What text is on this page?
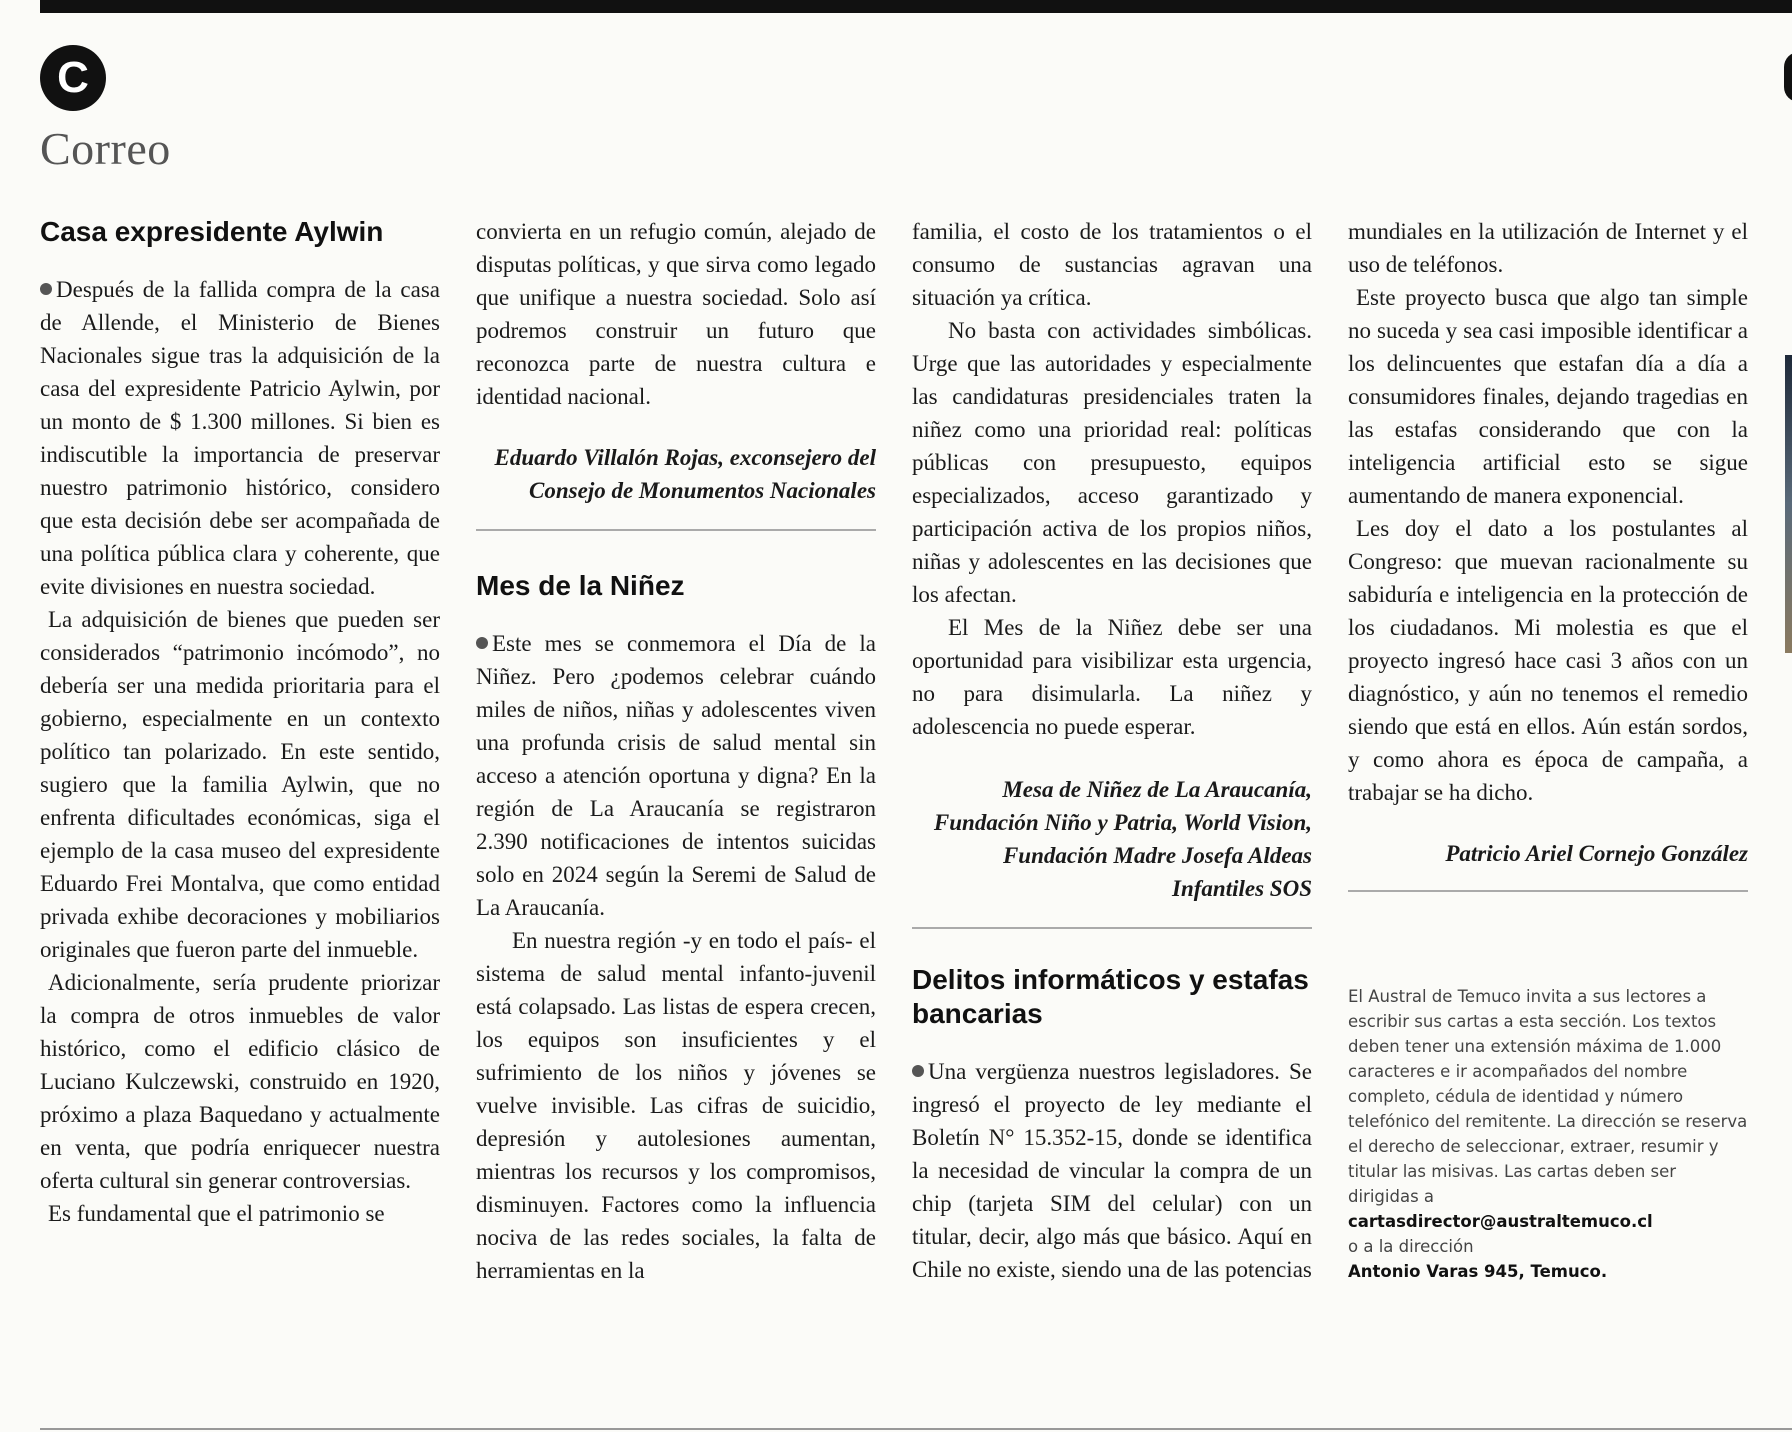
C
Correo
Casa expresidente Aylwin

Después de la fallida compra de la casa de Allende, el Ministerio de Bienes Nacionales sigue tras la adquisición de la casa del expresidente Patricio Aylwin, por un monto de $ 1.300 millones. Si bien es indiscutible la importancia de preservar nuestro patrimonio histórico, considero que esta decisión debe ser acompañada de una política pública clara y coherente, que evite divisiones en nuestra sociedad.

La adquisición de bienes que pueden ser considerados “patrimonio incómodo”, no debería ser una medida prioritaria para el gobierno, especialmente en un contexto político tan polarizado. En este sentido, sugiero que la familia Aylwin, que no enfrenta dificultades económicas, siga el ejemplo de la casa museo del expresidente Eduardo Frei Montalva, que como entidad privada exhibe decoraciones y mobiliarios originales que fueron parte del inmueble.

Adicionalmente, sería prudente priorizar la compra de otros inmuebles de valor histórico, como el edificio clásico de Luciano Kulczewski, construido en 1920, próximo a plaza Baquedano y actualmente en venta, que podría enriquecer nuestra oferta cultural sin generar controversias.

Es fundamental que el patrimonio se

convierta en un refugio común, alejado de disputas políticas, y que sirva como legado que unifique a nuestra sociedad. Solo así podremos construir un futuro que reconozca parte de nuestra cultura e identidad nacional.

Eduardo Villalón Rojas, exconsejero del Consejo de Monumentos Nacionales

Mes de la Niñez

Este mes se conmemora el Día de la Niñez. Pero ¿podemos celebrar cuándo miles de niños, niñas y adolescentes viven una profunda crisis de salud mental sin acceso a atención oportuna y digna? En la región de La Araucanía se registraron 2.390 notificaciones de intentos suicidas solo en 2024 según la Seremi de Salud de La Araucanía.

En nuestra región -y en todo el país- el sistema de salud mental infanto-juvenil está colapsado. Las listas de espera crecen, los equipos son insuficientes y el sufrimiento de los niños y jóvenes se vuelve invisible. Las cifras de suicidio, depresión y autolesiones aumentan, mientras los recursos y los compromisos, disminuyen. Factores como la influencia nociva de las redes sociales, la falta de herramientas en la

familia, el costo de los tratamientos o el consumo de sustancias agravan una situación ya crítica.

No basta con actividades simbólicas. Urge que las autoridades y especialmente las candidaturas presidenciales traten la niñez como una prioridad real: políticas públicas con presupuesto, equipos especializados, acceso garantizado y participación activa de los propios niños, niñas y adolescentes en las decisiones que los afectan.

El Mes de la Niñez debe ser una oportunidad para visibilizar esta urgencia, no para disimularla. La niñez y adolescencia no puede esperar.

Mesa de Niñez de La Araucanía, Fundación Niño y Patria, World Vision, Fundación Madre Josefa Aldeas Infantiles SOS

Delitos informáticos y estafas bancarias

Una vergüenza nuestros legisladores. Se ingresó el proyecto de ley mediante el Boletín N° 15.352-15, donde se identifica la necesidad de vincular la compra de un chip (tarjeta SIM del celular) con un titular, decir, algo más que básico. Aquí en Chile no existe, siendo una de las potencias

mundiales en la utilización de Internet y el uso de teléfonos.

Este proyecto busca que algo tan simple no suceda y sea casi imposible identificar a los delincuentes que estafan día a día a consumidores finales, dejando tragedias en las estafas considerando que con la inteligencia artificial esto se sigue aumentando de manera exponencial.

Les doy el dato a los postulantes al Congreso: que muevan racionalmente su sabiduría e inteligencia en la protección de los ciudadanos. Mi molestia es que el proyecto ingresó hace casi 3 años con un diagnóstico, y aún no tenemos el remedio siendo que está en ellos. Aún están sordos, y como ahora es época de campaña, a trabajar se ha dicho.

Patricio Ariel Cornejo González

El Austral de Temuco invita a sus lectores a escribir sus cartas a esta sección. Los textos deben tener una extensión máxima de 1.000 caracteres e ir acompañados del nombre completo, cédula de identidad y número telefónico del remitente. La dirección se reserva el derecho de seleccionar, extraer, resumir y titular las misivas. Las cartas deben ser dirigidas a
cartasdirector@australtemuco.cl
o a la dirección
Antonio Varas 945, Temuco.
